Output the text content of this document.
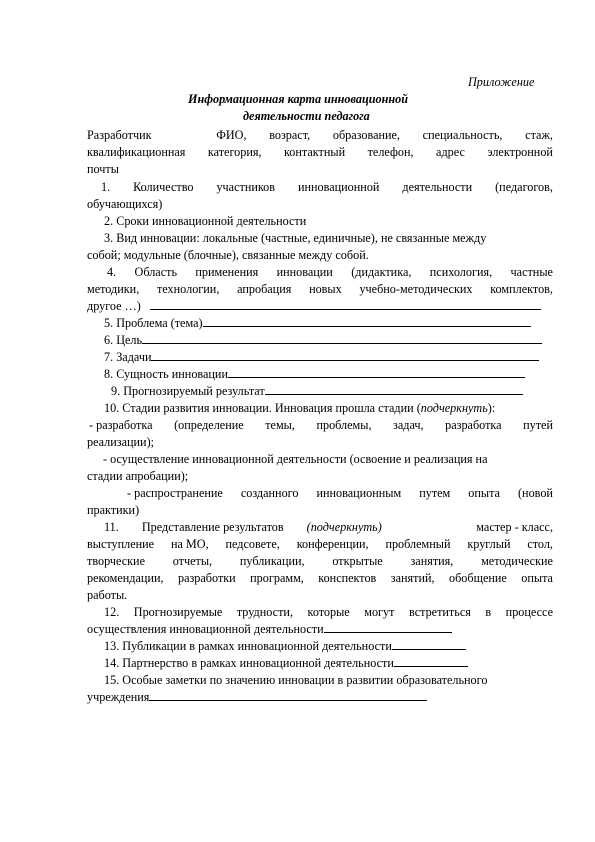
Приложение
Информационная карта инновационной
деятельности педагога
Разработчик	ФИО, возраст, образование, специальность, стаж,
квалификационная категория, контактный телефон, адрес электронной
почты
1. Количество участников инновационной деятельности (педагогов,
обучающихся)
2. Сроки инновационной деятельности
3. Вид инновации: локальные (частные, единичные), не связанные между
собой; модульные (блочные), связанные между собой.
4. Область применения инновации (дидактика, психология, частные
методики, технологии, апробация новых учебно-методических комплектов,
другое …)
5. Проблема (тема)
6. Цель
7. Задачи
8. Сущность инновации
9. Прогнозируемый результат
10. Стадии развития инновации. Инновация прошла стадии (подчеркнуть):
- разработка (определение темы, проблемы, задач, разработка путей
реализации);
- осуществление инновационной деятельности (освоение и реализация на
стадии апробации);
- распространение созданного инновационным путем опыта (новой
практики)
11. Представление результатов (подчеркнуть)	мастер - класс,
выступление на МО, педсовете, конференции, проблемный круглый стол,
творческие отчеты, публикации, открытые занятия, методические
рекомендации, разработки программ, конспектов занятий, обобщение опыта
работы.
12. Прогнозируемые трудности, которые могут встретиться в процессе
осуществления инновационной деятельности
13. Публикации в рамках инновационной деятельности
14. Партнерство в рамках инновационной деятельности
15. Особые заметки по значению инновации в развитии образовательного
учреждения
